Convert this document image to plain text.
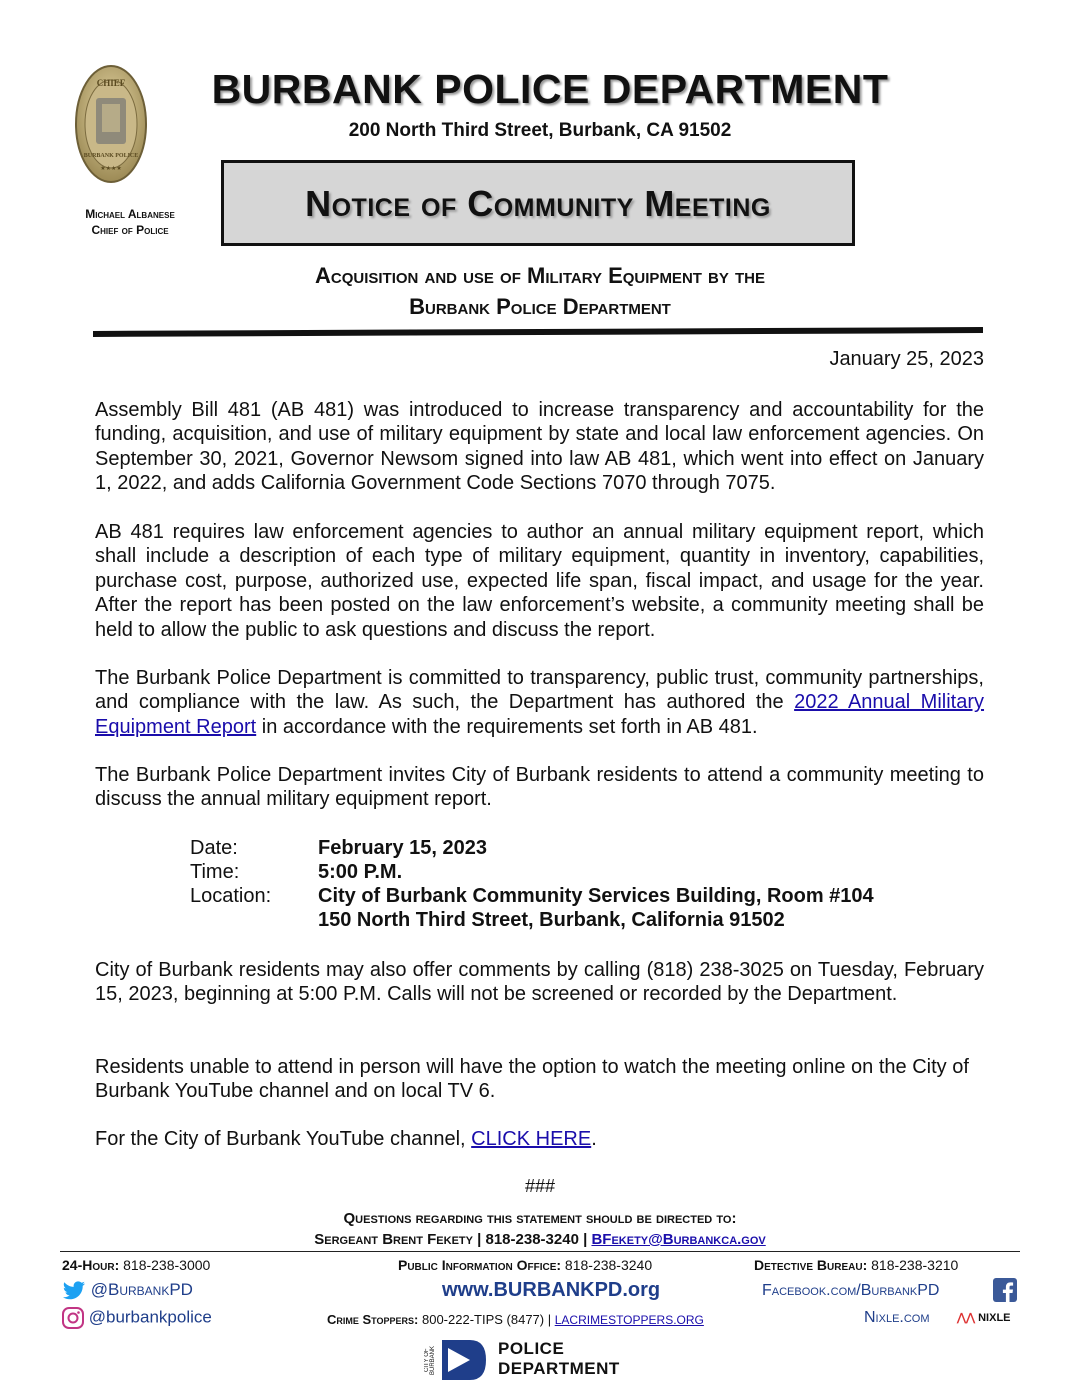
CHIEF
BURBANK POLICE
★★★★
Michael Albanese
Chief of Police
BURBANK POLICE DEPARTMENT
200 North Third Street, Burbank, CA 91502
Notice of Community Meeting
Acquisition and use of Military Equipment by the
Burbank Police Department
January 25, 2023
Assembly Bill 481 (AB 481) was introduced to increase transparency and accountability for the funding, acquisition, and use of military equipment by state and local law enforcement agencies. On September 30, 2021, Governor Newsom signed into law AB 481, which went into effect on January 1, 2022, and adds California Government Code Sections 7070 through 7075.
AB 481 requires law enforcement agencies to author an annual military equipment report, which shall include a description of each type of military equipment, quantity in inventory, capabilities, purchase cost, purpose, authorized use, expected life span, fiscal impact, and usage for the year. After the report has been posted on the law enforcement’s website, a community meeting shall be held to allow the public to ask questions and discuss the report.
The Burbank Police Department is committed to transparency, public trust, community partnerships, and compliance with the law. As such, the Department has authored the 2022 Annual Military Equipment Report in accordance with the requirements set forth in AB 481.
The Burbank Police Department invites City of Burbank residents to attend a community meeting to discuss the annual military equipment report.
Date:	February 15, 2023
Time:	5:00 P.M.
Location:	City of Burbank Community Services Building, Room #104
150 North Third Street, Burbank, California 91502
City of Burbank residents may also offer comments by calling (818) 238-3025 on Tuesday, February 15, 2023, beginning at 5:00 P.M. Calls will not be screened or recorded by the Department.
Residents unable to attend in person will have the option to watch the meeting online on the City of Burbank YouTube channel and on local TV 6.
For the City of Burbank YouTube channel, CLICK HERE.
###
Questions regarding this statement should be directed to:
Sergeant Brent Fekety | 818-238-3240 | BFekety@Burbankca.gov
24-Hour: 818-238-3000	Public Information Office: 818-238-3240	Detective Bureau: 818-238-3210
@BurbankPD	www.BURBANKPD.org	Facebook.com/BurbankPD
@burbankpolice	Crime Stoppers: 800-222-TIPS (8477) | LACRIMESTOPPERS.ORG	Nixle.com ⋀⋀ NIXLE
CITY OF BURBANK	POLICE
DEPARTMENT
